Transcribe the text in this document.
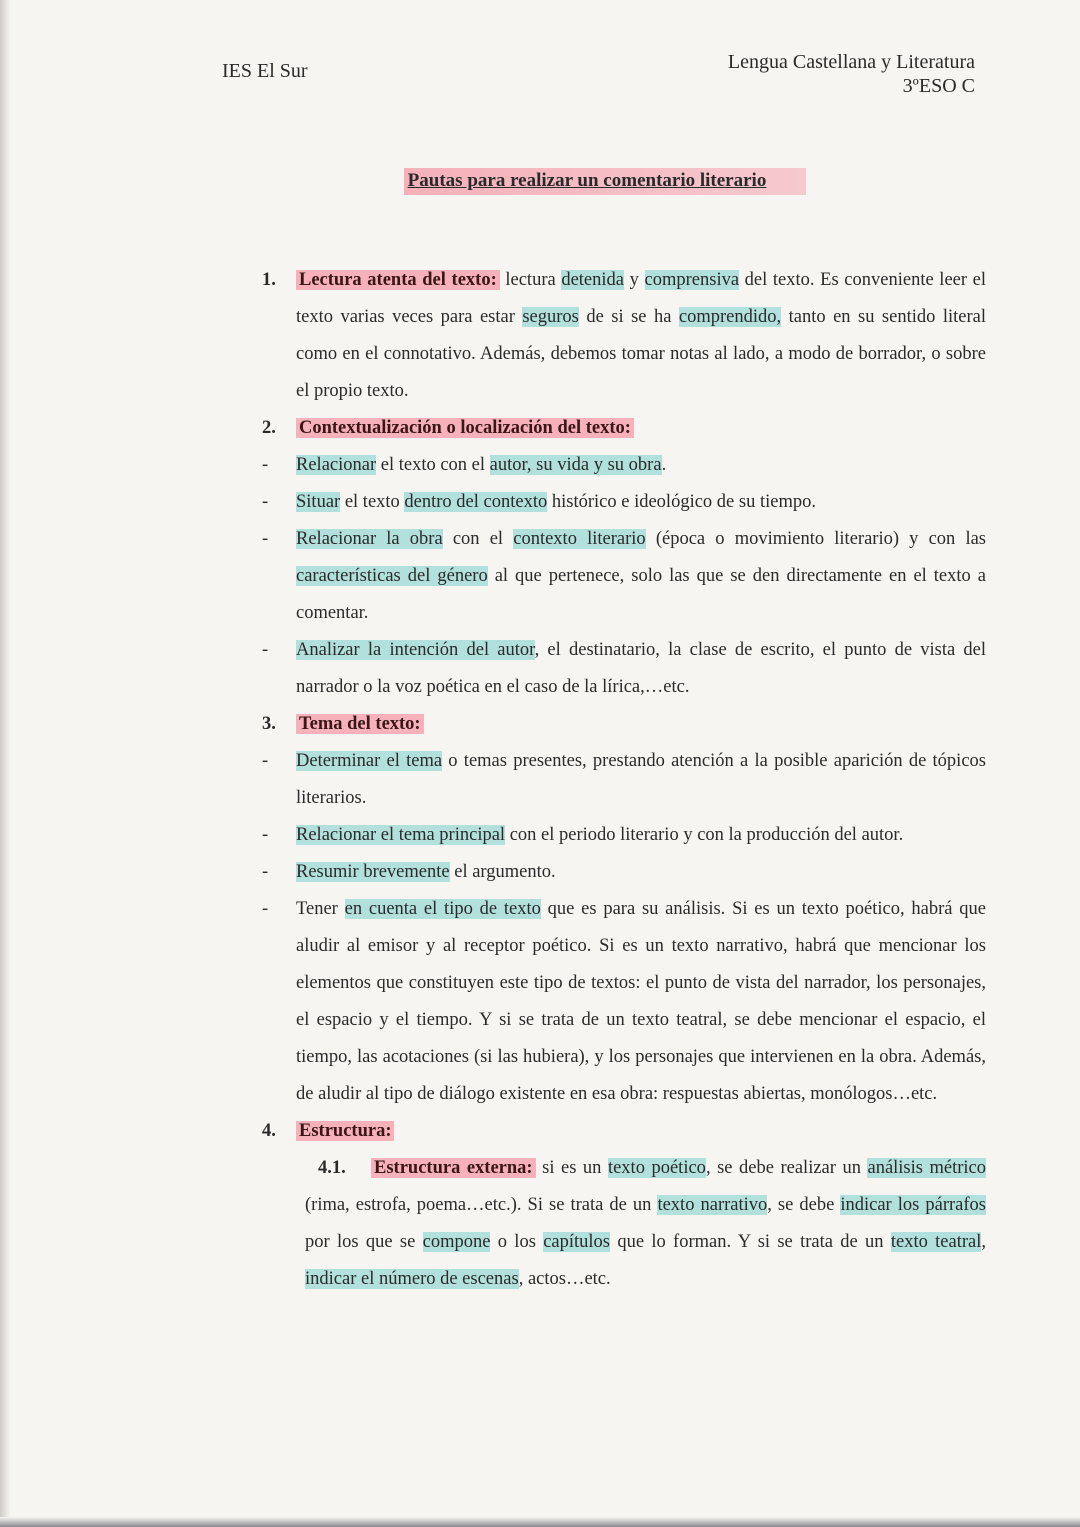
IES El Sur	Lengua Castellana y Literatura
3ºESO C
Pautas para realizar un comentario literario
1. Lectura atenta del texto: lectura detenida y comprensiva del texto. Es conveniente leer el texto varias veces para estar seguros de si se ha comprendido, tanto en su sentido literal como en el connotativo. Además, debemos tomar notas al lado, a modo de borrador, o sobre el propio texto.
2. Contextualización o localización del texto:
- Relacionar el texto con el autor, su vida y su obra.
- Situar el texto dentro del contexto histórico e ideológico de su tiempo.
- Relacionar la obra con el contexto literario (época o movimiento literario) y con las características del género al que pertenece, solo las que se den directamente en el texto a comentar.
- Analizar la intención del autor, el destinatario, la clase de escrito, el punto de vista del narrador o la voz poética en el caso de la lírica,…etc.
3. Tema del texto:
- Determinar el tema o temas presentes, prestando atención a la posible aparición de tópicos literarios.
- Relacionar el tema principal con el periodo literario y con la producción del autor.
- Resumir brevemente el argumento.
- Tener en cuenta el tipo de texto que es para su análisis. Si es un texto poético, habrá que aludir al emisor y al receptor poético. Si es un texto narrativo, habrá que mencionar los elementos que constituyen este tipo de textos: el punto de vista del narrador, los personajes, el espacio y el tiempo. Y si se trata de un texto teatral, se debe mencionar el espacio, el tiempo, las acotaciones (si las hubiera), y los personajes que intervienen en la obra. Además, de aludir al tipo de diálogo existente en esa obra: respuestas abiertas, monólogos…etc.
4. Estructura:
4.1. Estructura externa: si es un texto poético, se debe realizar un análisis métrico (rima, estrofa, poema…etc.). Si se trata de un texto narrativo, se debe indicar los párrafos por los que se compone o los capítulos que lo forman. Y si se trata de un texto teatral, indicar el número de escenas, actos…etc.
